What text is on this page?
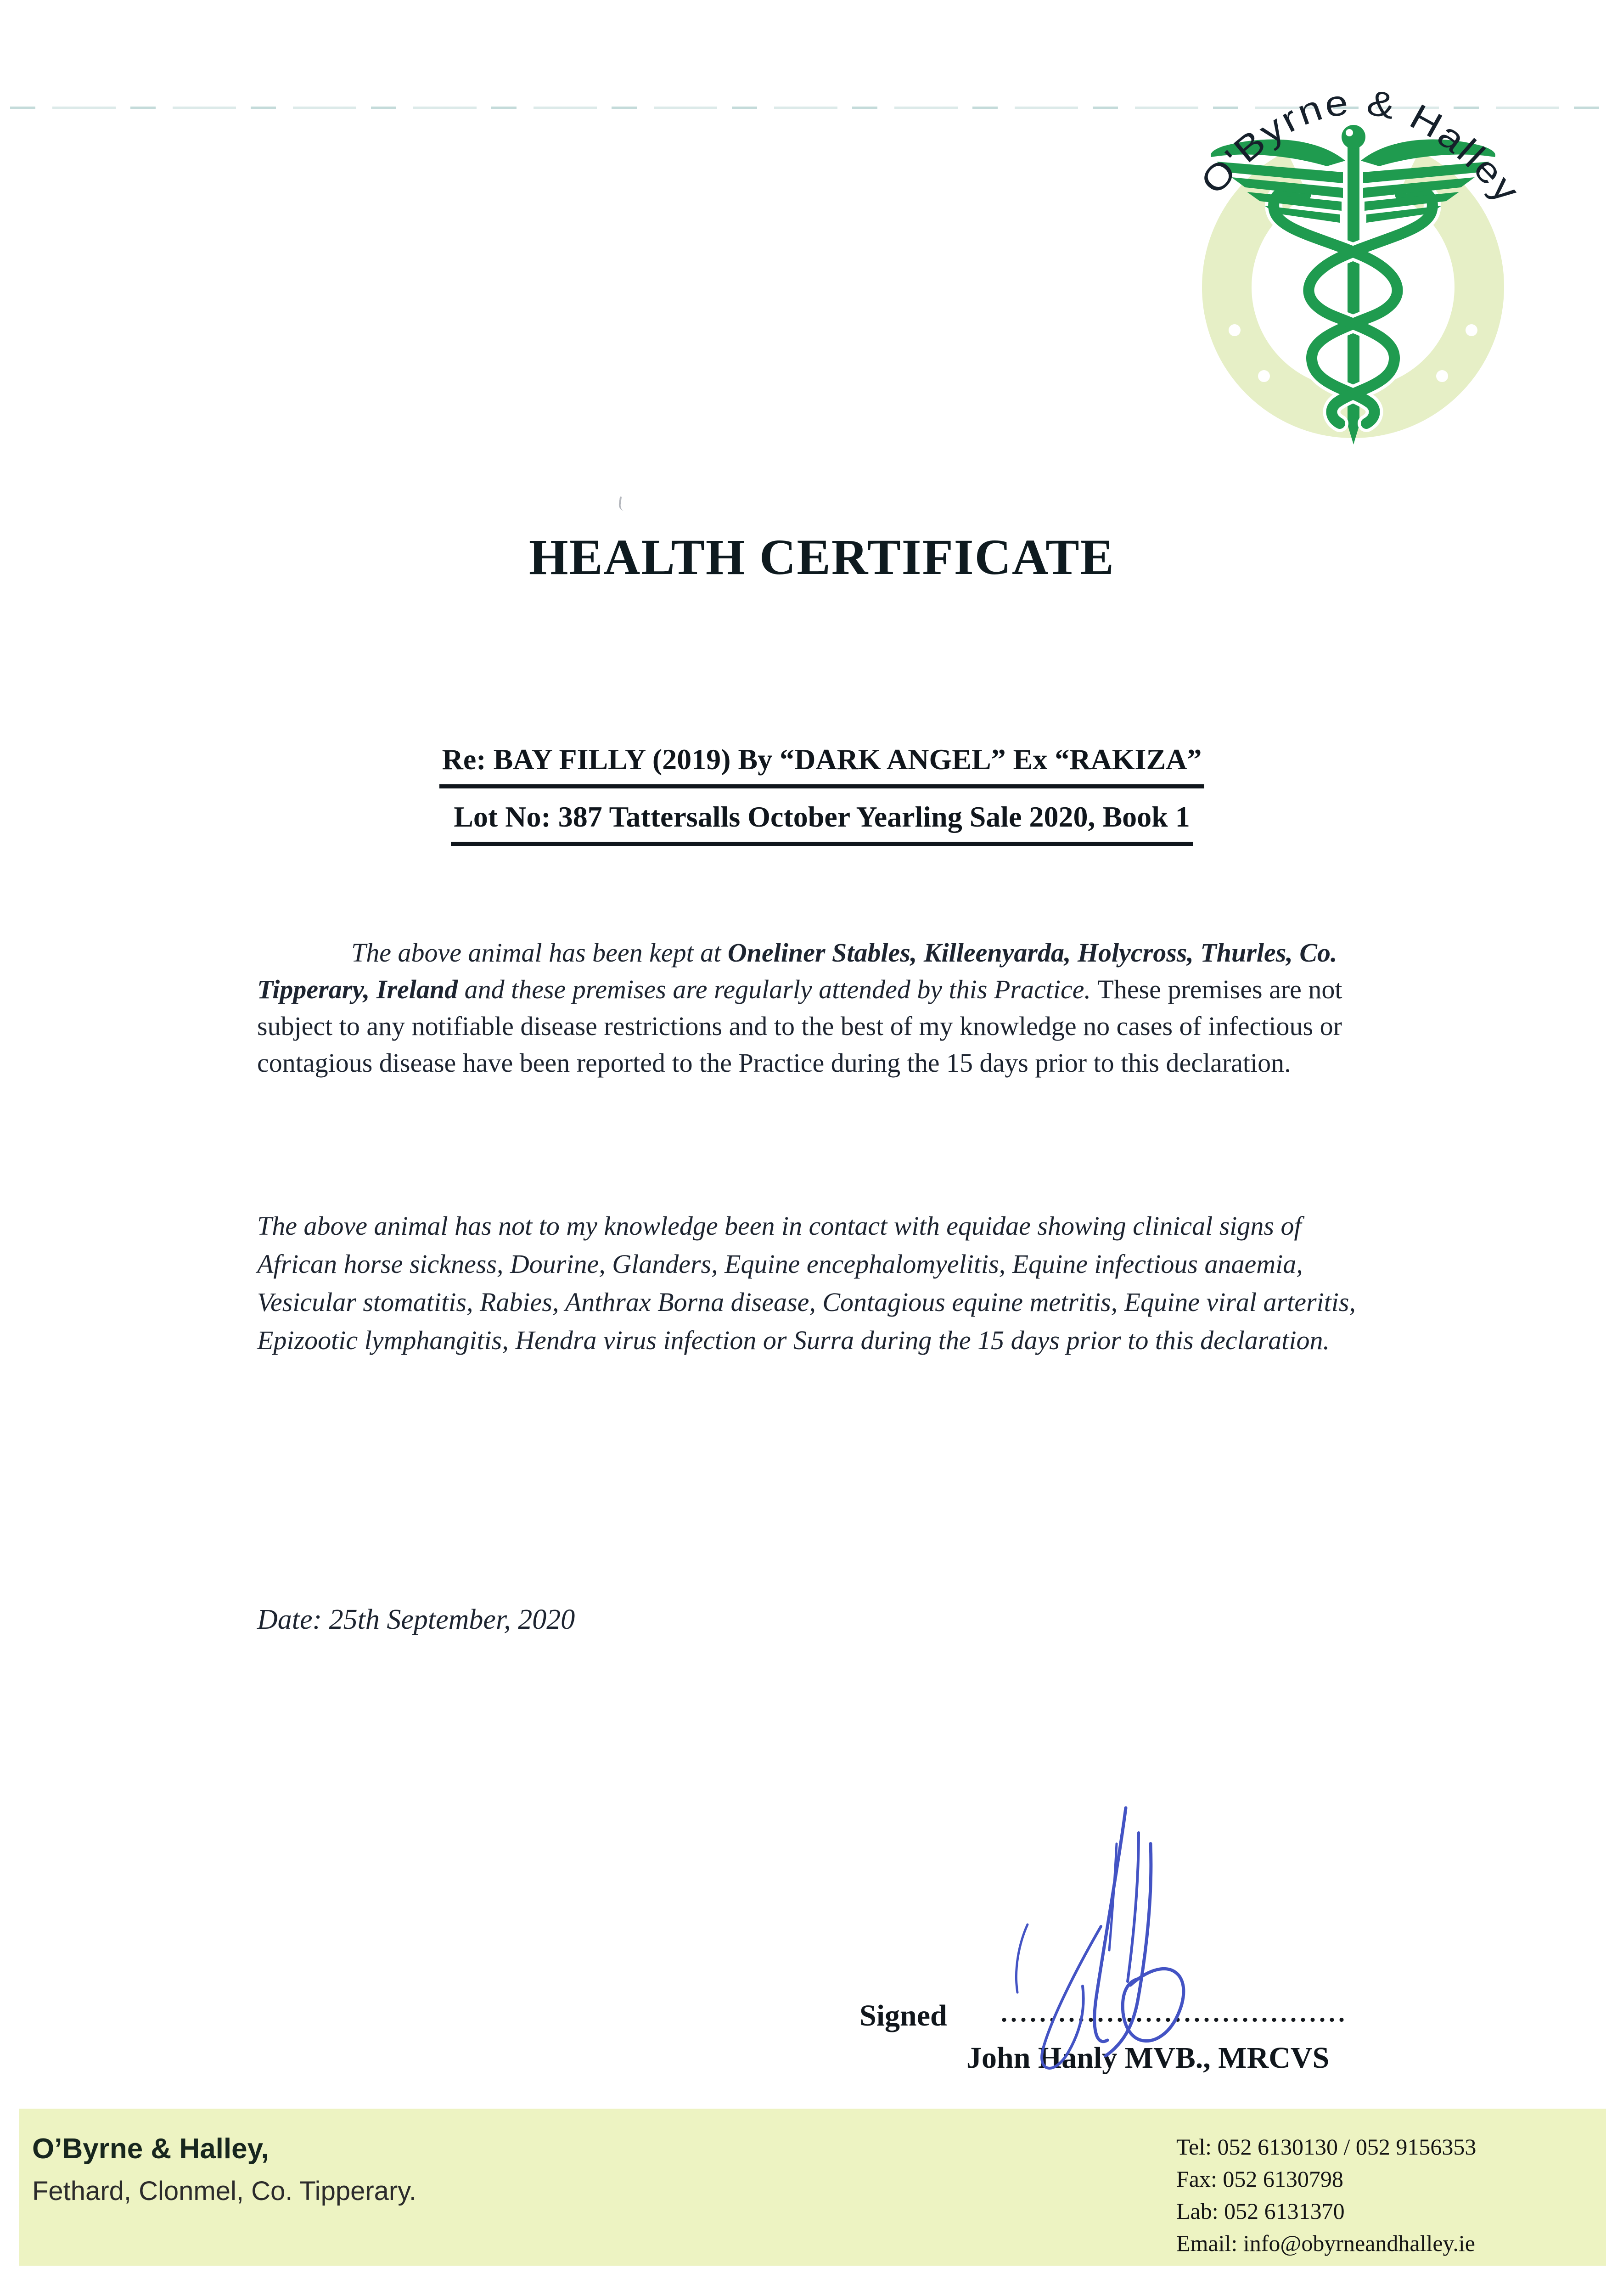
O'Byrne & Halley
HEALTH CERTIFICATE
Re: BAY FILLY (2019) By “DARK ANGEL” Ex “RAKIZA”
Lot No: 387 Tattersalls October Yearling Sale 2020, Book 1

The above animal has been kept at Oneliner Stables, Killeenyarda, Holycross, Thurles, Co. Tipperary, Ireland and these premises are regularly attended by this Practice. These premises are not subject to any notifiable disease restrictions and to the best of my knowledge no cases of infectious or contagious disease have been reported to the Practice during the 15 days prior to this declaration.

The above animal has not to my knowledge been in contact with equidae showing clinical signs of African horse sickness, Dourine, Glanders, Equine encephalomyelitis, Equine infectious anaemia, Vesicular stomatitis, Rabies, Anthrax Borna disease, Contagious equine metritis, Equine viral arteritis, Epizootic lymphangitis, Hendra virus infection or Surra during the 15 days prior to this declaration.

Date: 25th September, 2020

Signed ....................................
John Hanly MVB., MRCVS
O’Byrne & Halley,
Fethard, Clonmel, Co. Tipperary.
Tel: 052 6130130 / 052 9156353
Fax: 052 6130798
Lab: 052 6131370
Email: info@obyrneandhalley.ie
